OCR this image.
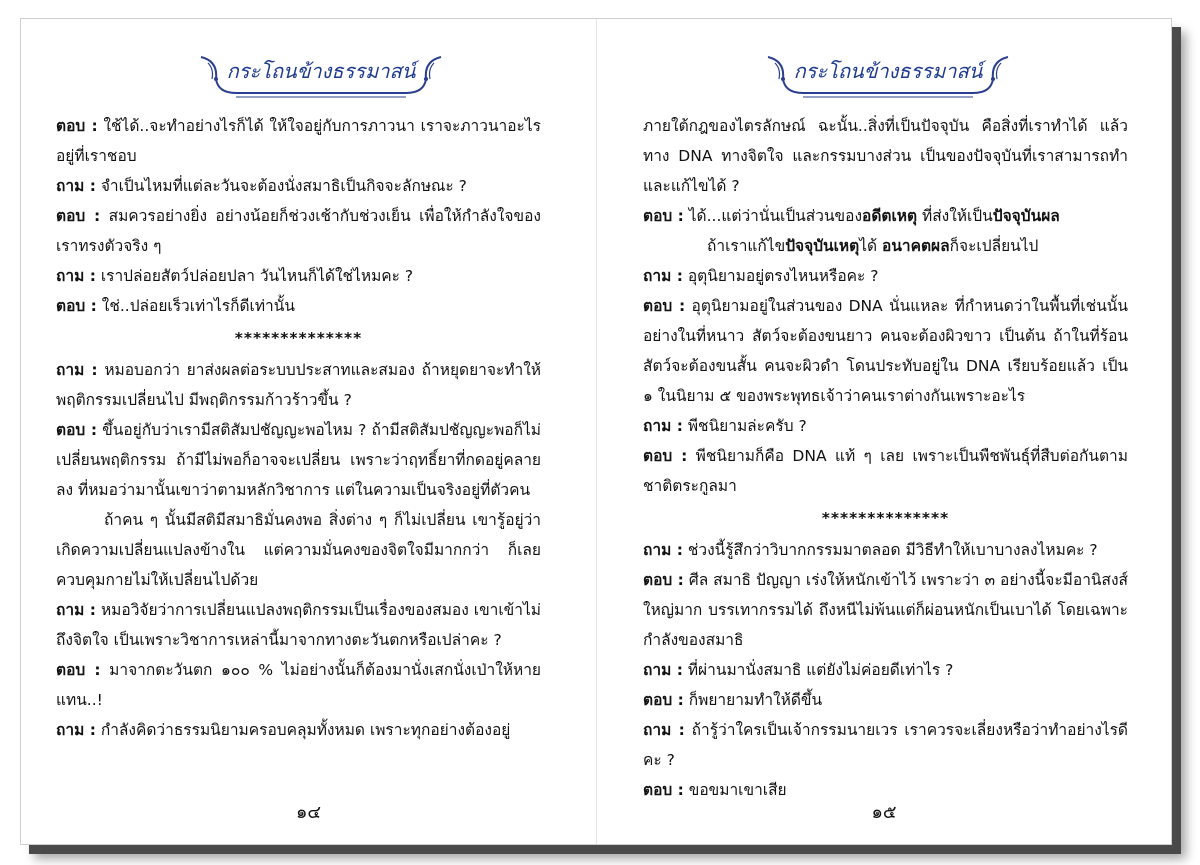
กระโถนข้างธรรมาสน์

ตอบ : ใช้ได้..จะทำอย่างไรก็ได้ ให้ใจอยู่กับการภาวนา เราจะภาวนาอะไรอยู่ที่เราชอบ

ถาม : จำเป็นไหมที่แต่ละวันจะต้องนั่งสมาธิเป็นกิจจะลักษณะ ?

ตอบ : สมควรอย่างยิ่ง อย่างน้อยก็ช่วงเช้ากับช่วงเย็น เพื่อให้กำลังใจของเราทรงตัวจริง ๆ

ถาม : เราปล่อยสัตว์ปล่อยปลา วันไหนก็ได้ใช่ไหมคะ ?

ตอบ : ใช่..ปล่อยเร็วเท่าไรก็ดีเท่านั้น

**************

ถาม : หมอบอกว่า ยาส่งผลต่อระบบประสาทและสมอง ถ้าหยุดยาจะทำให้พฤติกรรมเปลี่ยนไป มีพฤติกรรมก้าวร้าวขึ้น ?

ตอบ : ขึ้นอยู่กับว่าเรามีสติสัมปชัญญะพอไหม ? ถ้ามีสติสัมปชัญญะพอก็ไม่เปลี่ยนพฤติกรรม ถ้ามีไม่พอก็อาจจะเปลี่ยน เพราะว่าฤทธิ์ยาที่กดอยู่คลายลง ที่หมอว่ามานั้นเขาว่าตามหลักวิชาการ แต่ในความเป็นจริงอยู่ที่ตัวคน

ถ้าคน ๆ นั้นมีสติมีสมาธิมั่นคงพอ สิ่งต่าง ๆ ก็ไม่เปลี่ยน เขารู้อยู่ว่าเกิดความเปลี่ยนแปลงข้างใน แต่ความมั่นคงของจิตใจมีมากกว่า ก็เลยควบคุมกายไม่ให้เปลี่ยนไปด้วย

ถาม : หมอวิจัยว่าการเปลี่ยนแปลงพฤติกรรมเป็นเรื่องของสมอง เขาเข้าไม่ถึงจิตใจ เป็นเพราะวิชาการเหล่านี้มาจากทางตะวันตกหรือเปล่าคะ ?

ตอบ : มาจากตะวันตก ๑๐๐ % ไม่อย่างนั้นก็ต้องมานั่งเสกนั่งเป่าให้หายแทน..!

ถาม : กำลังคิดว่าธรรมนิยามครอบคลุมทั้งหมด เพราะทุกอย่างต้องอยู่

๑๔
กระโถนข้างธรรมาสน์

ภายใต้กฎของไตรลักษณ์ ฉะนั้น..สิ่งที่เป็นปัจจุบัน คือสิ่งที่เราทำได้ แล้วทาง DNA ทางจิตใจ และกรรมบางส่วน เป็นของปัจจุบันที่เราสามารถทำและแก้ไขได้ ?

ตอบ : ได้...แต่ว่านั่นเป็นส่วนของอดีตเหตุ ที่ส่งให้เป็นปัจจุบันผล

ถ้าเราแก้ไขปัจจุบันเหตุได้ อนาคตผลก็จะเปลี่ยนไป

ถาม : อุตุนิยามอยู่ตรงไหนหรือคะ ?

ตอบ : อุตุนิยามอยู่ในส่วนของ DNA นั่นแหละ ที่กำหนดว่าในพื้นที่เช่นนั้นอย่างในที่หนาว สัตว์จะต้องขนยาว คนจะต้องผิวขาว เป็นต้น ถ้าในที่ร้อนสัตว์จะต้องขนสั้น คนจะผิวดำ โดนประทับอยู่ใน DNA เรียบร้อยแล้ว เป็น ๑ ในนิยาม ๕ ของพระพุทธเจ้าว่าคนเราต่างกันเพราะอะไร

ถาม : พีชนิยามล่ะครับ ?

ตอบ : พีชนิยามก็คือ DNA แท้ ๆ เลย เพราะเป็นพืชพันธุ์ที่สืบต่อกันตามชาติตระกูลมา

**************

ถาม : ช่วงนี้รู้สึกว่าวิบากกรรมมาตลอด มีวิธีทำให้เบาบางลงไหมคะ ?

ตอบ : ศีล สมาธิ ปัญญา เร่งให้หนักเข้าไว้ เพราะว่า ๓ อย่างนี้จะมีอานิสงส์ใหญ่มาก บรรเทากรรมได้ ถึงหนีไม่พ้นแต่ก็ผ่อนหนักเป็นเบาได้ โดยเฉพาะกำลังของสมาธิ

ถาม : ที่ผ่านมานั่งสมาธิ แต่ยังไม่ค่อยดีเท่าไร ?

ตอบ : ก็พยายามทำให้ดีขึ้น

ถาม : ถ้ารู้ว่าใครเป็นเจ้ากรรมนายเวร เราควรจะเลี่ยงหรือว่าทำอย่างไรดีคะ ?

ตอบ : ขอขมาเขาเสีย

๑๕
